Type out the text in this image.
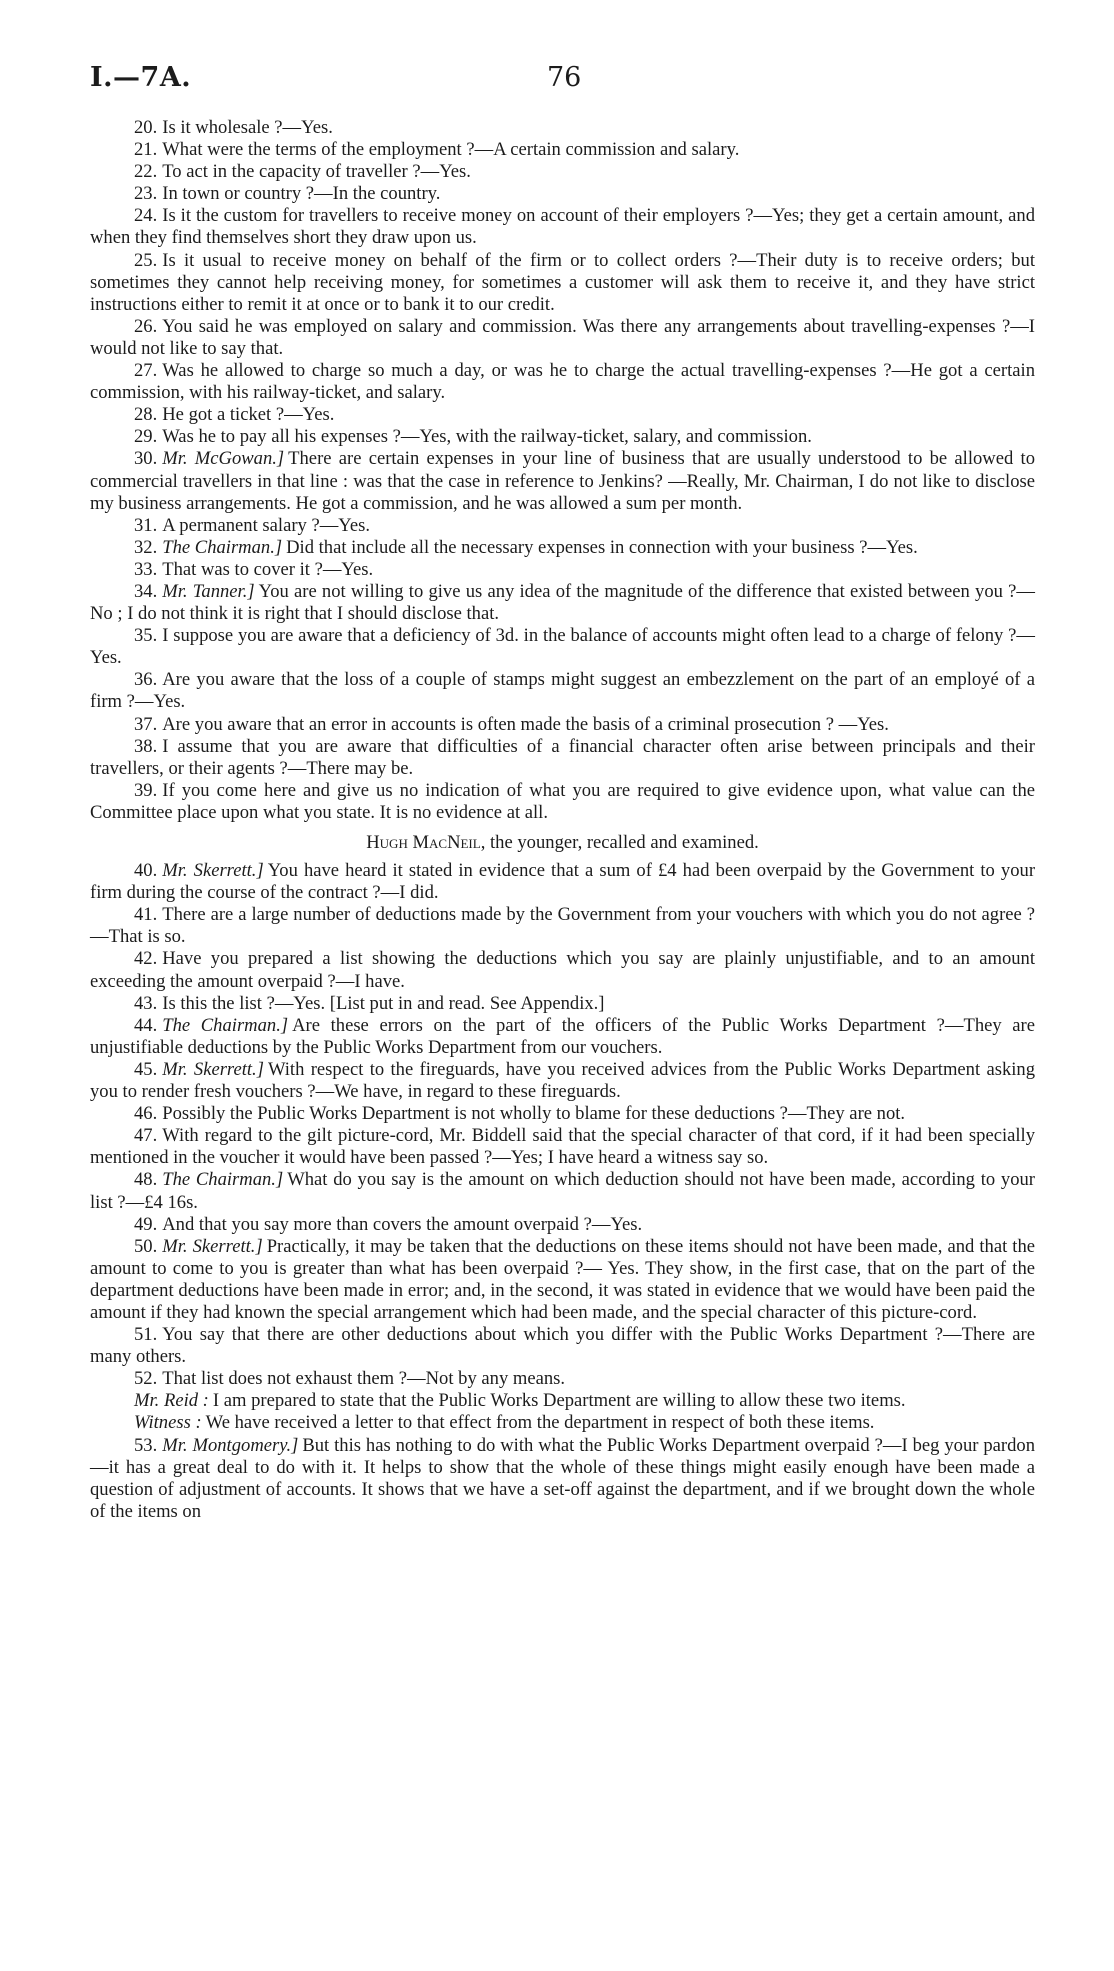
I.—7A.	76

20. Is it wholesale ?—Yes.

21. What were the terms of the employment ?—A certain commission and salary.

22. To act in the capacity of traveller ?—Yes.

23. In town or country ?—In the country.

24. Is it the custom for travellers to receive money on account of their employers ?—Yes; they get a certain amount, and when they find themselves short they draw upon us.

25. Is it usual to receive money on behalf of the firm or to collect orders ?—Their duty is to receive orders; but sometimes they cannot help receiving money, for sometimes a customer will ask them to receive it, and they have strict instructions either to remit it at once or to bank it to our credit.

26. You said he was employed on salary and commission. Was there any arrangements about travelling-expenses ?—I would not like to say that.

27. Was he allowed to charge so much a day, or was he to charge the actual travelling-expenses ?—He got a certain commission, with his railway-ticket, and salary.

28. He got a ticket ?—Yes.

29. Was he to pay all his expenses ?—Yes, with the railway-ticket, salary, and commission.

30. Mr. McGowan.] There are certain expenses in your line of business that are usually understood to be allowed to commercial travellers in that line : was that the case in reference to Jenkins? —Really, Mr. Chairman, I do not like to disclose my business arrangements. He got a commission, and he was allowed a sum per month.

31. A permanent salary ?—Yes.

32. The Chairman.] Did that include all the necessary expenses in connection with your business ?—Yes.

33. That was to cover it ?—Yes.

34. Mr. Tanner.] You are not willing to give us any idea of the magnitude of the difference that existed between you ?—No ; I do not think it is right that I should disclose that.

35. I suppose you are aware that a deficiency of 3d. in the balance of accounts might often lead to a charge of felony ?—Yes.

36. Are you aware that the loss of a couple of stamps might suggest an embezzlement on the part of an employé of a firm ?—Yes.

37. Are you aware that an error in accounts is often made the basis of a criminal prosecution ? —Yes.

38. I assume that you are aware that difficulties of a financial character often arise between principals and their travellers, or their agents ?—There may be.

39. If you come here and give us no indication of what you are required to give evidence upon, what value can the Committee place upon what you state. It is no evidence at all.

Hugh MacNeil, the younger, recalled and examined.

40. Mr. Skerrett.] You have heard it stated in evidence that a sum of £4 had been overpaid by the Government to your firm during the course of the contract ?—I did.

41. There are a large number of deductions made by the Government from your vouchers with which you do not agree ?—That is so.

42. Have you prepared a list showing the deductions which you say are plainly unjustifiable, and to an amount exceeding the amount overpaid ?—I have.

43. Is this the list ?—Yes. [List put in and read. See Appendix.]

44. The Chairman.] Are these errors on the part of the officers of the Public Works Department ?—They are unjustifiable deductions by the Public Works Department from our vouchers.

45. Mr. Skerrett.] With respect to the fireguards, have you received advices from the Public Works Department asking you to render fresh vouchers ?—We have, in regard to these fireguards.

46. Possibly the Public Works Department is not wholly to blame for these deductions ?—They are not.

47. With regard to the gilt picture-cord, Mr. Biddell said that the special character of that cord, if it had been specially mentioned in the voucher it would have been passed ?—Yes; I have heard a witness say so.

48. The Chairman.] What do you say is the amount on which deduction should not have been made, according to your list ?—£4 16s.

49. And that you say more than covers the amount overpaid ?—Yes.

50. Mr. Skerrett.] Practically, it may be taken that the deductions on these items should not have been made, and that the amount to come to you is greater than what has been overpaid ?— Yes. They show, in the first case, that on the part of the department deductions have been made in error; and, in the second, it was stated in evidence that we would have been paid the amount if they had known the special arrangement which had been made, and the special character of this picture-cord.

51. You say that there are other deductions about which you differ with the Public Works Department ?—There are many others.

52. That list does not exhaust them ?—Not by any means.

Mr. Reid : I am prepared to state that the Public Works Department are willing to allow these two items.

Witness : We have received a letter to that effect from the department in respect of both these items.

53. Mr. Montgomery.] But this has nothing to do with what the Public Works Department overpaid ?—I beg your pardon—it has a great deal to do with it. It helps to show that the whole of these things might easily enough have been made a question of adjustment of accounts. It shows that we have a set-off against the department, and if we brought down the whole of the items on
